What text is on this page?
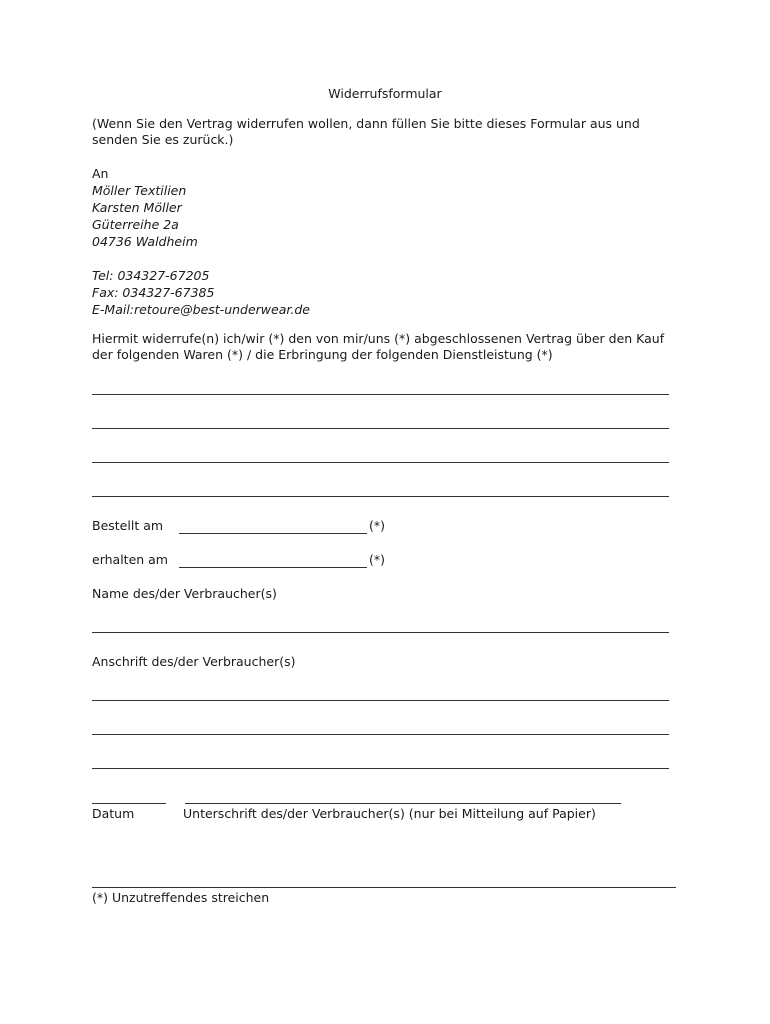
Widerrufsformular
(Wenn Sie den Vertrag widerrufen wollen, dann füllen Sie bitte dieses Formular aus und senden Sie es zurück.)
An
Möller Textilien
Karsten Möller
Güterreihe 2a
04736 Waldheim
Tel: 034327-67205
Fax: 034327-67385
E-Mail:retoure@best-underwear.de
Hiermit widerrufe(n) ich/wir (*) den von mir/uns (*) abgeschlossenen Vertrag über den Kauf der folgenden Waren (*) / die Erbringung der folgenden Dienstleistung (*)
Bestellt am	(*)
erhalten am	(*)
Name des/der Verbraucher(s)
Anschrift des/der Verbraucher(s)
Datum	Unterschrift des/der Verbraucher(s) (nur bei Mitteilung auf Papier)
(*) Unzutreffendes streichen
